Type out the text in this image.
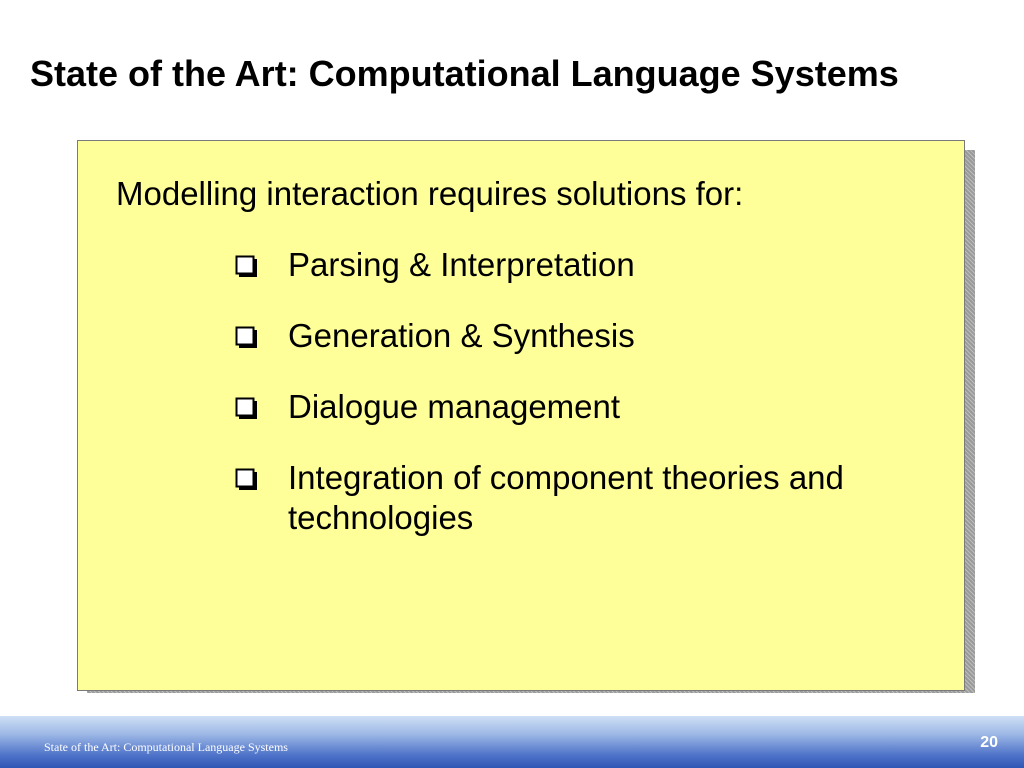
State of the Art: Computational Language Systems
Modelling interaction requires solutions for:
Parsing & Interpretation
Generation & Synthesis
Dialogue management
Integration of component theories and technologies
State of the Art: Computational Language Systems	20
